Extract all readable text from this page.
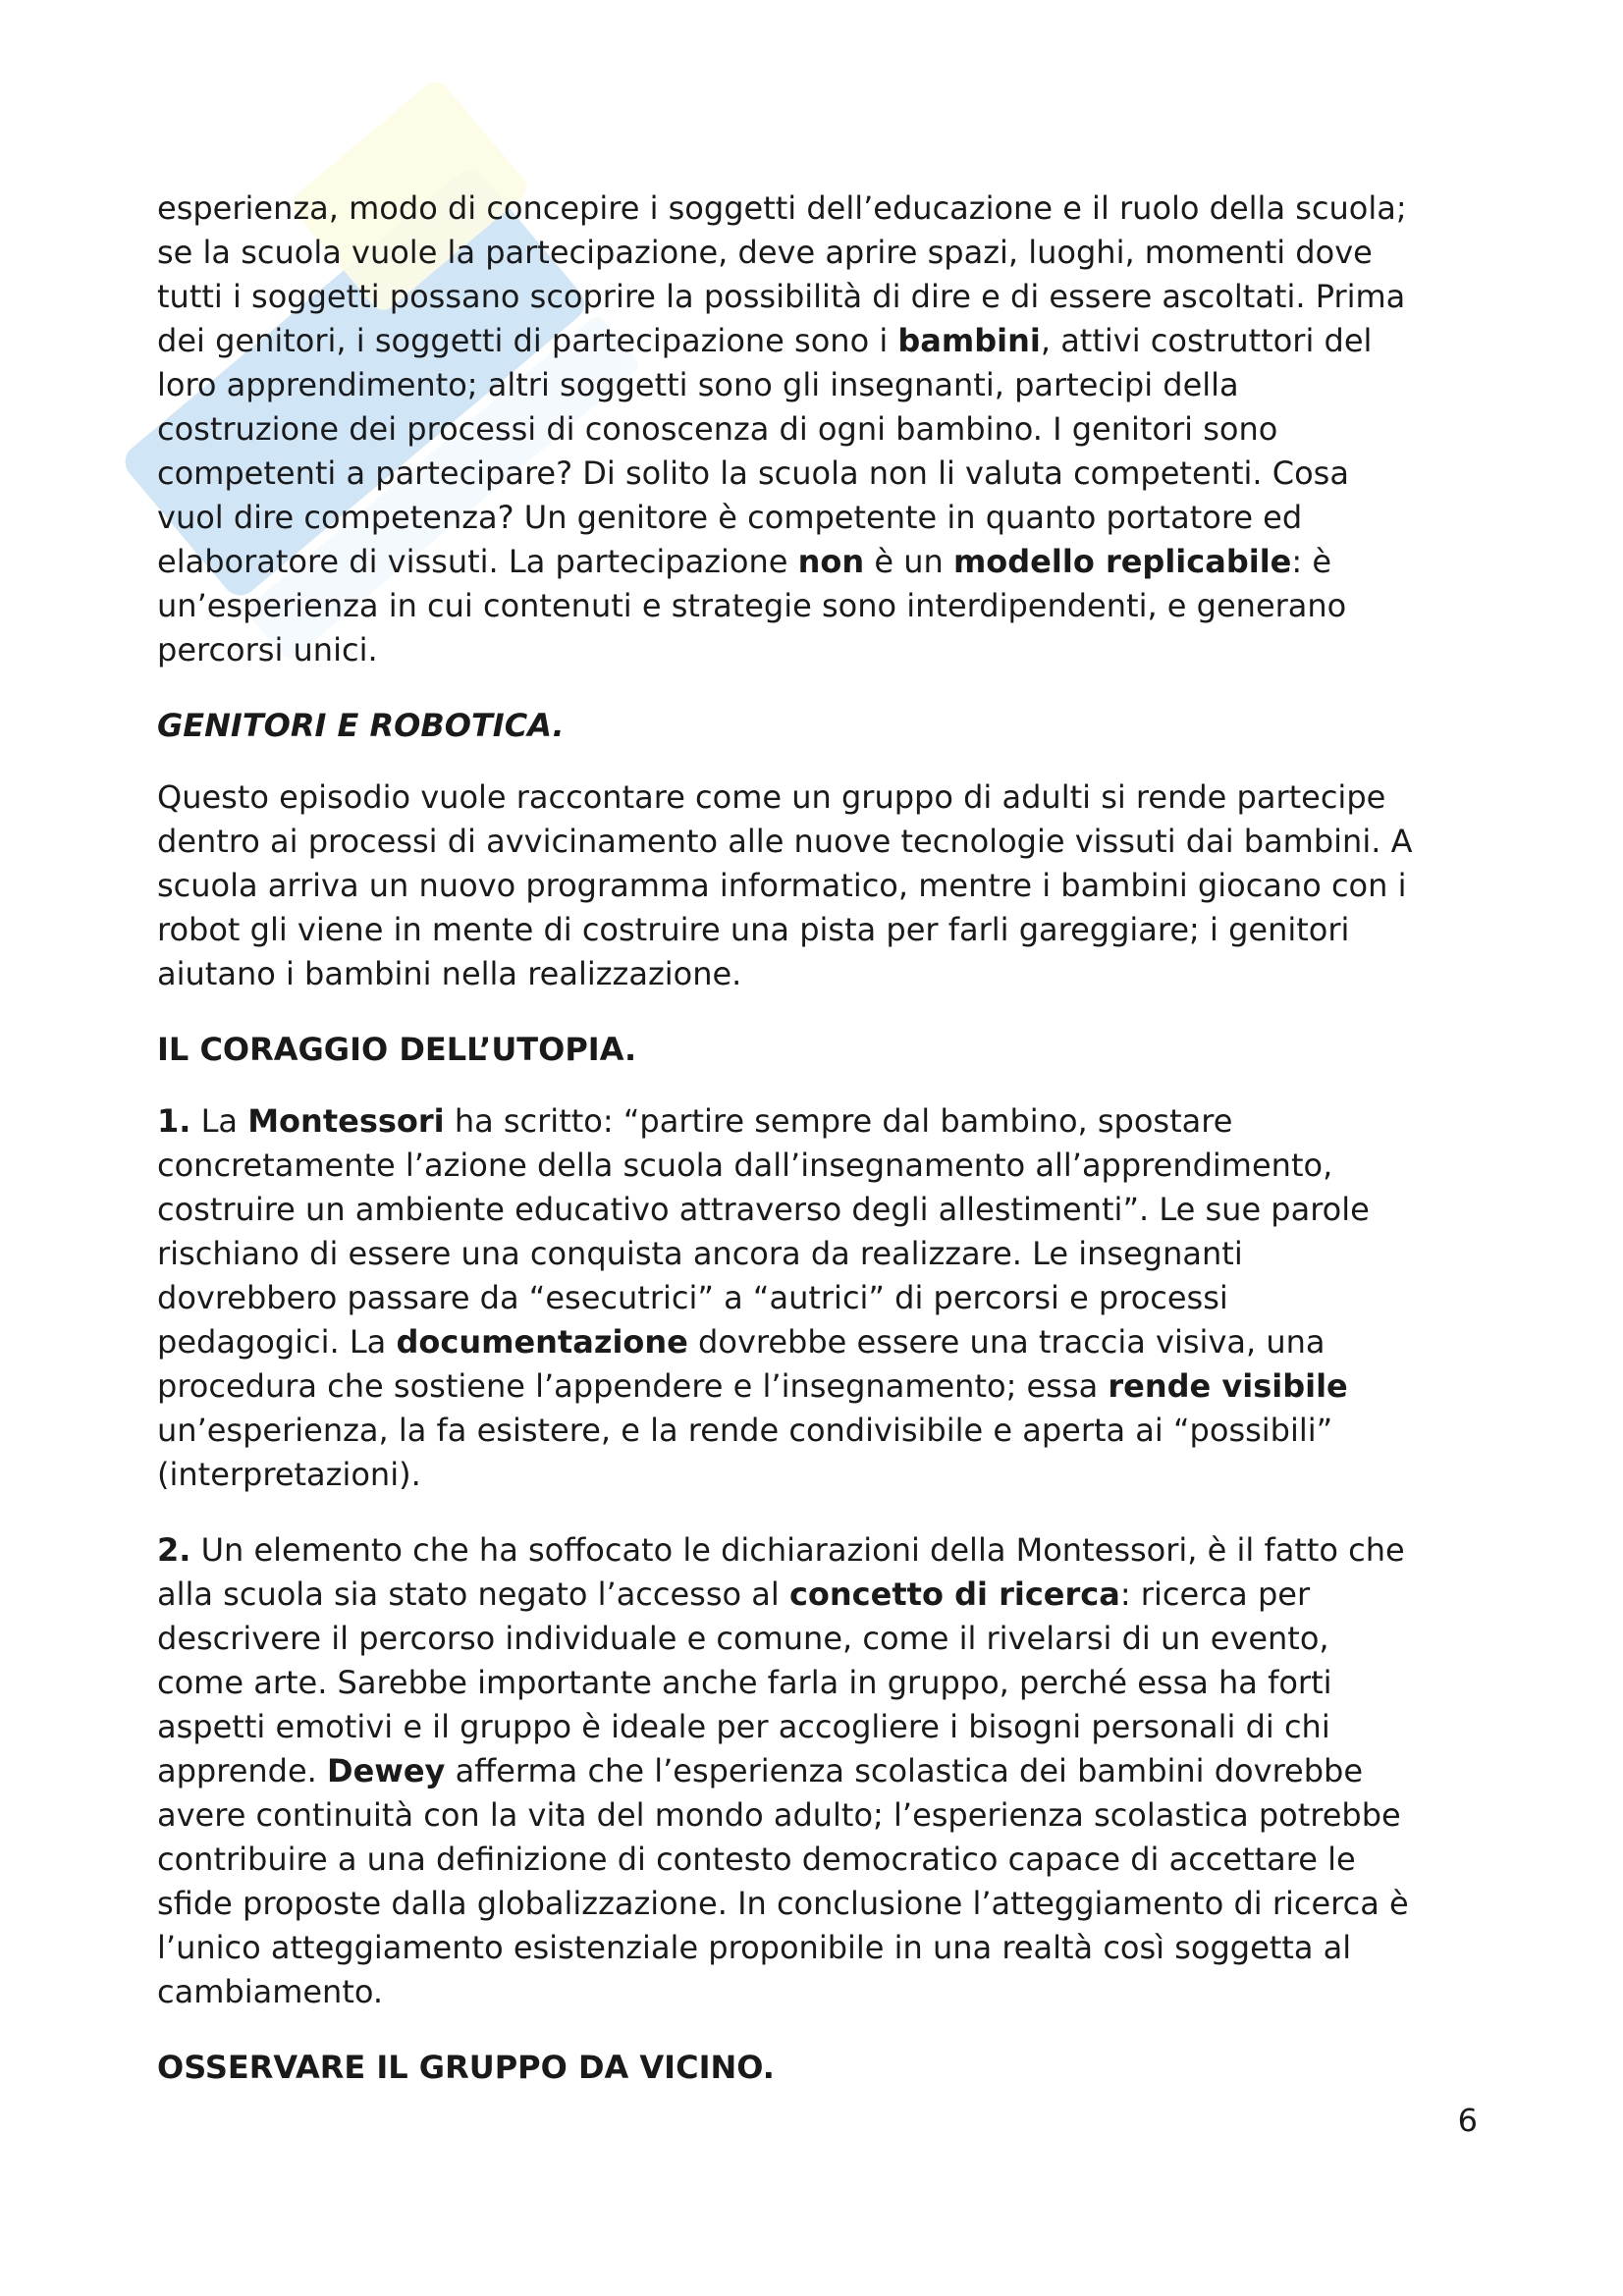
esperienza, modo di concepire i soggetti dell’educazione e il ruolo della scuola;
se la scuola vuole la partecipazione, deve aprire spazi, luoghi, momenti dove
tutti i soggetti possano scoprire la possibilità di dire e di essere ascoltati. Prima
dei genitori, i soggetti di partecipazione sono i bambini, attivi costruttori del
loro apprendimento; altri soggetti sono gli insegnanti, partecipi della
costruzione dei processi di conoscenza di ogni bambino. I genitori sono
competenti a partecipare? Di solito la scuola non li valuta competenti. Cosa
vuol dire competenza? Un genitore è competente in quanto portatore ed
elaboratore di vissuti. La partecipazione non è un modello replicabile: è
un’esperienza in cui contenuti e strategie sono interdipendenti, e generano
percorsi unici.

GENITORI E ROBOTICA.

Questo episodio vuole raccontare come un gruppo di adulti si rende partecipe
dentro ai processi di avvicinamento alle nuove tecnologie vissuti dai bambini. A
scuola arriva un nuovo programma informatico, mentre i bambini giocano con i
robot gli viene in mente di costruire una pista per farli gareggiare; i genitori
aiutano i bambini nella realizzazione.

IL CORAGGIO DELL’UTOPIA.

1. La Montessori ha scritto: “partire sempre dal bambino, spostare
concretamente l’azione della scuola dall’insegnamento all’apprendimento,
costruire un ambiente educativo attraverso degli allestimenti”. Le sue parole
rischiano di essere una conquista ancora da realizzare. Le insegnanti
dovrebbero passare da “esecutrici” a “autrici” di percorsi e processi
pedagogici. La documentazione dovrebbe essere una traccia visiva, una
procedura che sostiene l’appendere e l’insegnamento; essa rende visibile
un’esperienza, la fa esistere, e la rende condivisibile e aperta ai “possibili”
(interpretazioni).

2. Un elemento che ha soffocato le dichiarazioni della Montessori, è il fatto che
alla scuola sia stato negato l’accesso al concetto di ricerca: ricerca per
descrivere il percorso individuale e comune, come il rivelarsi di un evento,
come arte. Sarebbe importante anche farla in gruppo, perché essa ha forti
aspetti emotivi e il gruppo è ideale per accogliere i bisogni personali di chi
apprende. Dewey afferma che l’esperienza scolastica dei bambini dovrebbe
avere continuità con la vita del mondo adulto; l’esperienza scolastica potrebbe
contribuire a una definizione di contesto democratico capace di accettare le
sfide proposte dalla globalizzazione. In conclusione l’atteggiamento di ricerca è
l’unico atteggiamento esistenziale proponibile in una realtà così soggetta al
cambiamento.

OSSERVARE IL GRUPPO DA VICINO.

6
